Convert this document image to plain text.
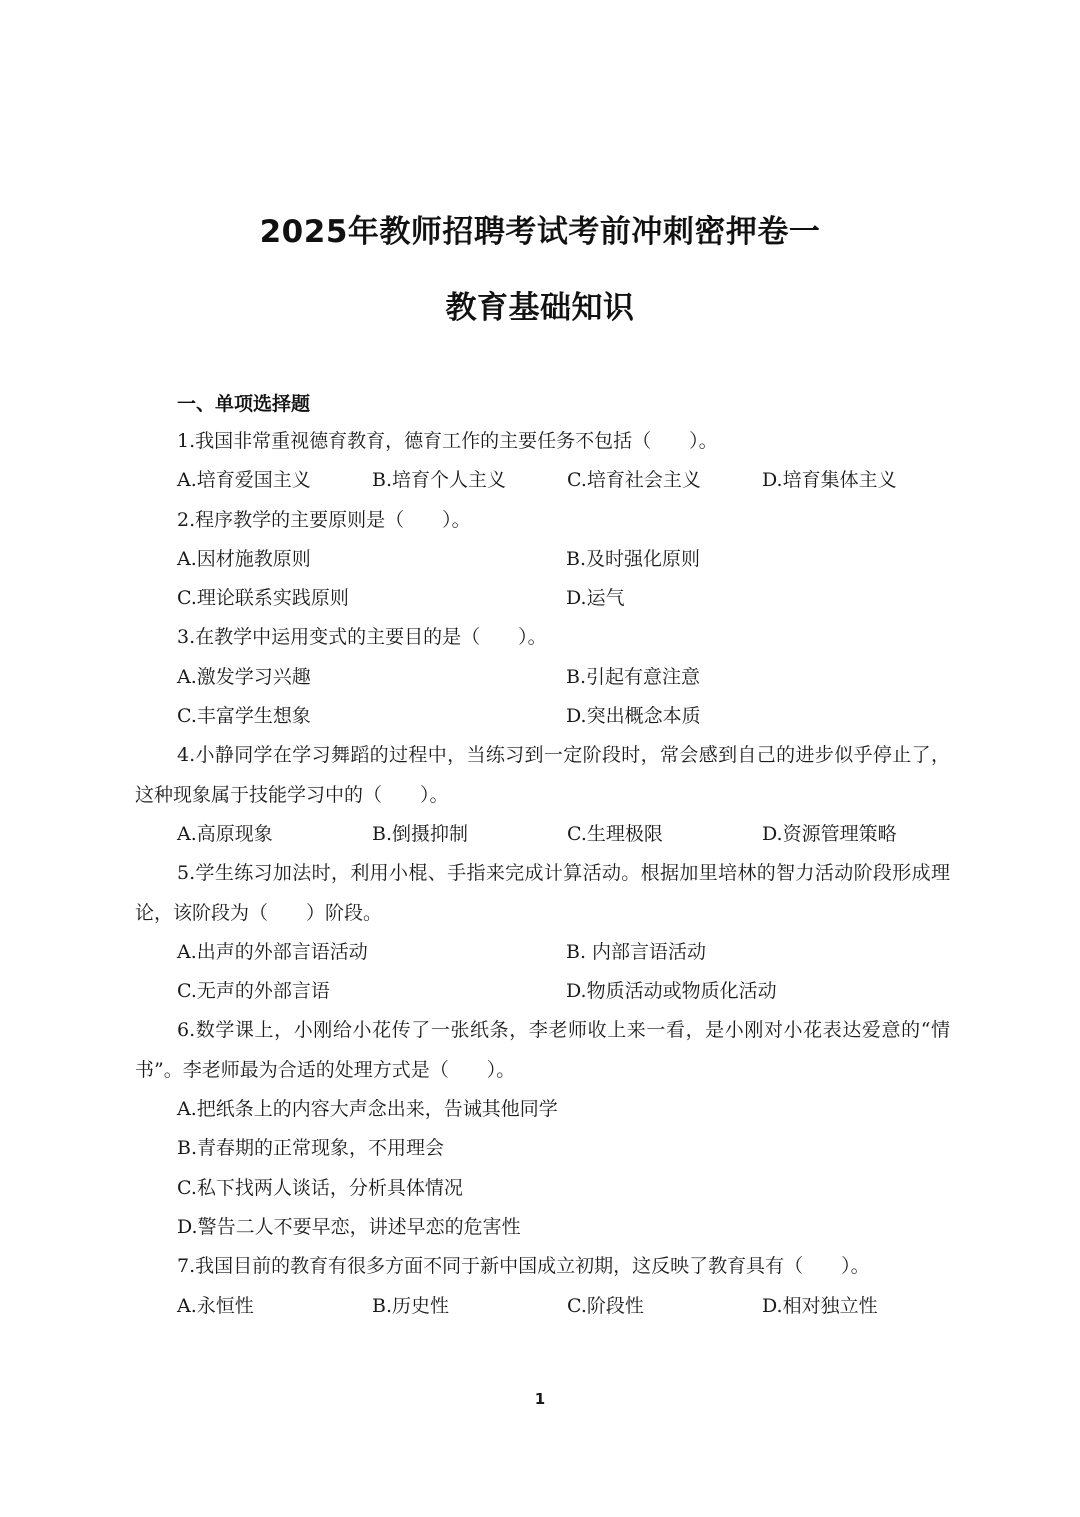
2025年教师招聘考试考前冲刺密押卷一
教育基础知识
一、单项选择题

1.我国非常重视德育教育，德育工作的主要任务不包括（　　）。

A.培育爱国主义	B.培育个人主义	C.培育社会主义	D.培育集体主义

2.程序教学的主要原则是（　　）。

A.因材施教原则	B.及时强化原则
C.理论联系实践原则	D.运气

3.在教学中运用变式的主要目的是（　　）。

A.激发学习兴趣	B.引起有意注意
C.丰富学生想象	D.突出概念本质

4.小静同学在学习舞蹈的过程中，当练习到一定阶段时，常会感到自己的进步似乎停止了，这种现象属于技能学习中的（　　）。

A.高原现象	B.倒摄抑制	C.生理极限	D.资源管理策略

5.学生练习加法时，利用小棍、手指来完成计算活动。根据加里培林的智力活动阶段形成理论，该阶段为（　　）阶段。

A.出声的外部言语活动	B. 内部言语活动
C.无声的外部言语	D.物质活动或物质化活动

6.数学课上，小刚给小花传了一张纸条，李老师收上来一看，是小刚对小花表达爱意的“情书”。李老师最为合适的处理方式是（　　）。

A.把纸条上的内容大声念出来，告诫其他同学
B.青春期的正常现象，不用理会
C.私下找两人谈话，分析具体情况
D.警告二人不要早恋，讲述早恋的危害性

7.我国目前的教育有很多方面不同于新中国成立初期，这反映了教育具有（　　）。

A.永恒性	B.历史性	C.阶段性	D.相对独立性
1
